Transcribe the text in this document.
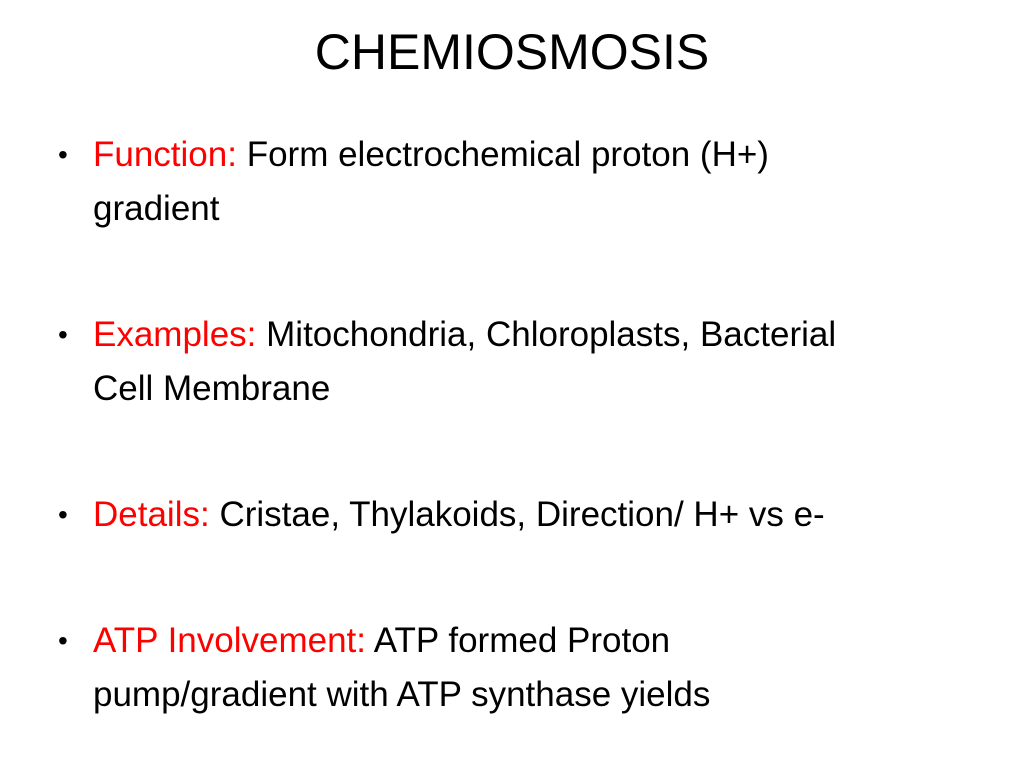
CHEMIOSMOSIS
• Function: Form electrochemical proton (H+) gradient
• Examples: Mitochondria, Chloroplasts, Bacterial Cell Membrane
• Details: Cristae, Thylakoids, Direction/ H+ vs e-
• ATP Involvement: ATP formed Proton pump/gradient with ATP synthase yields
